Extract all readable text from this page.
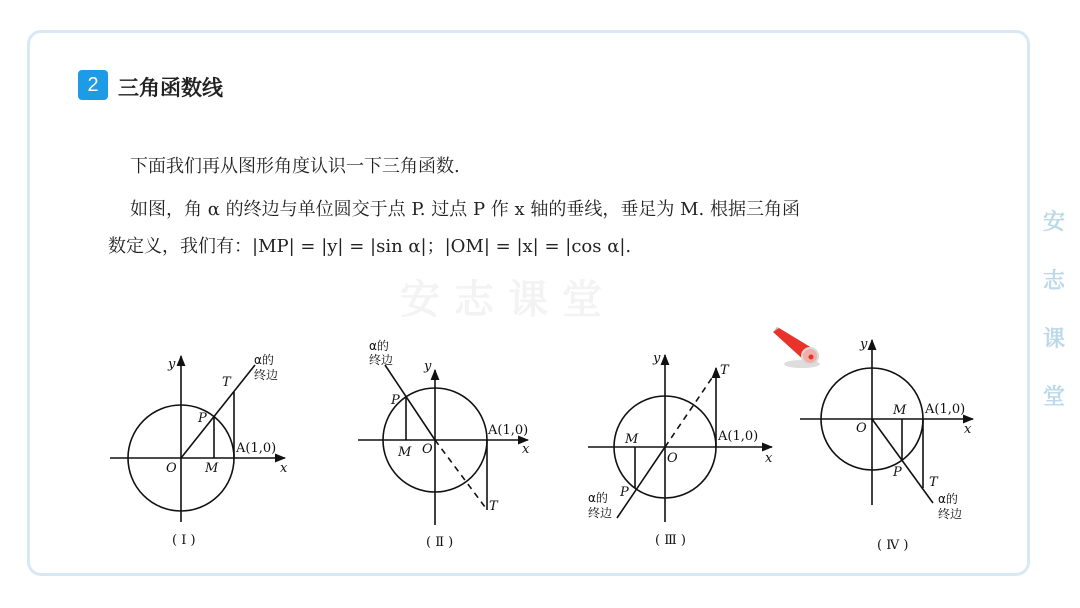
安志课堂
2 三角函数线
下面我们再从图形角度认识一下三角函数.
如图，角 α 的终边与单位圆交于点 P. 过点 P 作 x 轴的垂线，垂足为 M. 根据三角函
数定义，我们有：|MP| = |y| = |sin α|；|OM| = |x| = |cos α|.
安
志
课
堂
y
x
O M
P
T
A(1,0)
α的
终边
( Ⅰ )
y
x
O
M
P
T
A(1,0)
α的
终边
( Ⅱ )
y
x
O
M
P
T
A(1,0)
α的
终边
( Ⅲ )
y
x
O
M
P
T
A(1,0)
α的
终边
( Ⅳ )
